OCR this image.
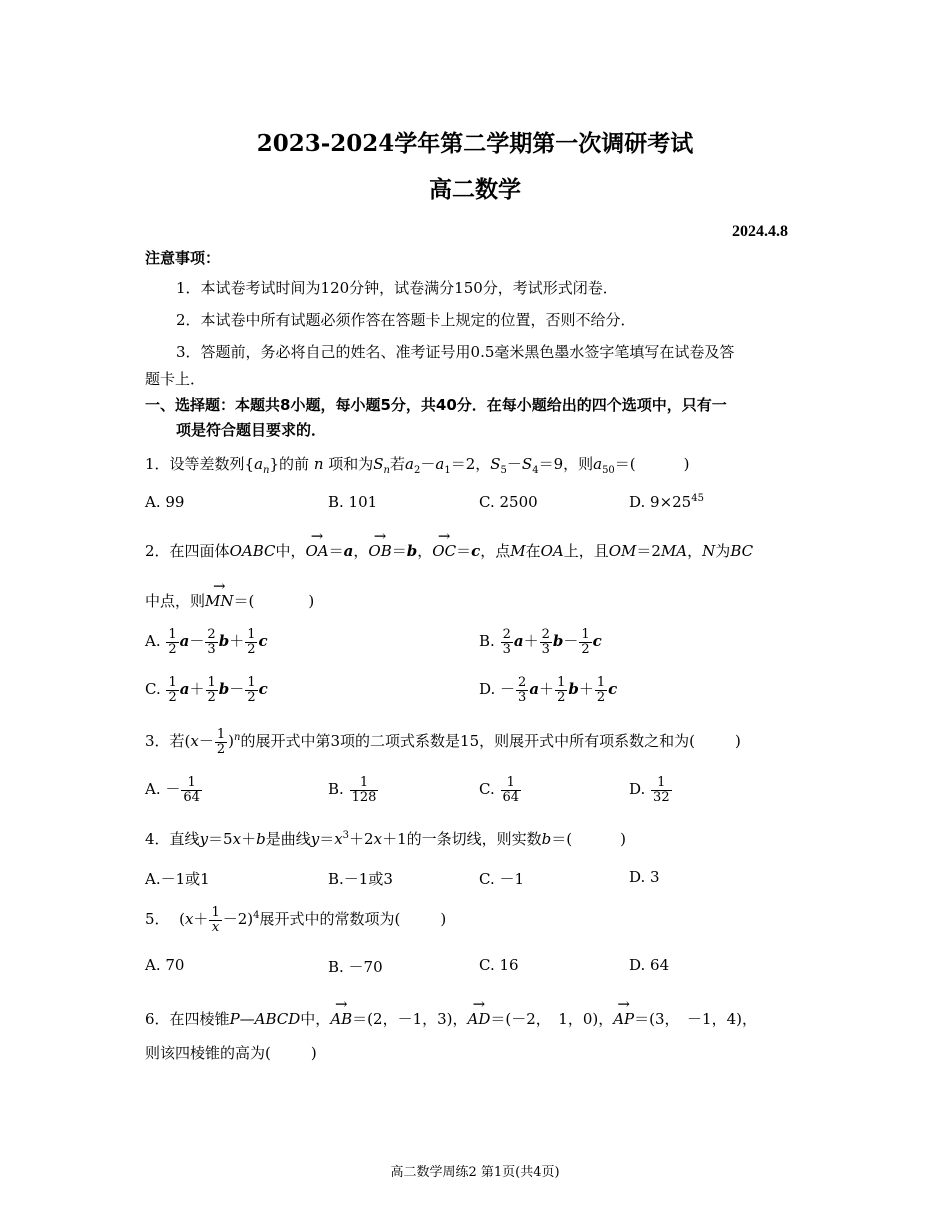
2023-2024学年第二学期第一次调研考试
高二数学
2024.4.8
注意事项：
1．本试卷考试时间为120分钟，试卷满分150分，考试形式闭卷．
2．本试卷中所有试题必须作答在答题卡上规定的位置，否则不给分．
3．答题前，务必将自己的姓名、准考证号用0.5毫米黑色墨水签字笔填写在试卷及答
题卡上．
一、选择题：本题共8小题，每小题5分，共40分．在每小题给出的四个选项中，只有一
项是符合题目要求的．
1．设等差数列$\{a_n\}$的前 n 项和为$S_n$若$a_2-a_1=2$，$S_5-S_4=9$，则$a_{50}=$(	)
A. 99	B. 101	C. 2500	D. $9\times 25^{45}$
2．在四面体OABC中，→ OA＝a，→ OB＝b，→ OC＝c，点M在OA上，且OM＝2MA，N为BC
中点，则→ MN＝(	)
A. $\frac{1}{2} a- \frac{2}{3} b+ \frac{1}{2}$ c	B. $\frac{2}{3} a+ \frac{2}{3} b- \frac{1}{2}$ c
C. $\frac{1}{2} a+ \frac{1}{2} b- \frac{1}{2}$ c	D. － $\frac{2}{3} a+ \frac{1}{2} b+ \frac{1}{2}$ c
3．若$(x- \frac{1}{2} )^n$的展开式中第3项的二项式系数是15，则展开式中所有项系数之和为(	)
A. － $\frac{1}{64}$	B. $\frac{1}{128}$	C. $\frac{1}{64}$	D. $\frac{1}{32}$
4．直线y＝5x＋b是曲线$y=x^3+2x+1$的一条切线，则实数b＝(	)
A.－1或1	B.－1或3	C. －1	D. 3
5． $(x+ \frac{1}{x} -2)^4$展开式中的常数项为(	)
A. 70	B. －70	C. 16	D. 64
6．在四棱锥P—ABCD中，→ AB＝(2，－1，3)，→ AD＝(－2，　1，0)，→ AP＝(3，　－1，4)，
则该四棱锥的高为(	)
高二数学周练2 第1页(共4页)
